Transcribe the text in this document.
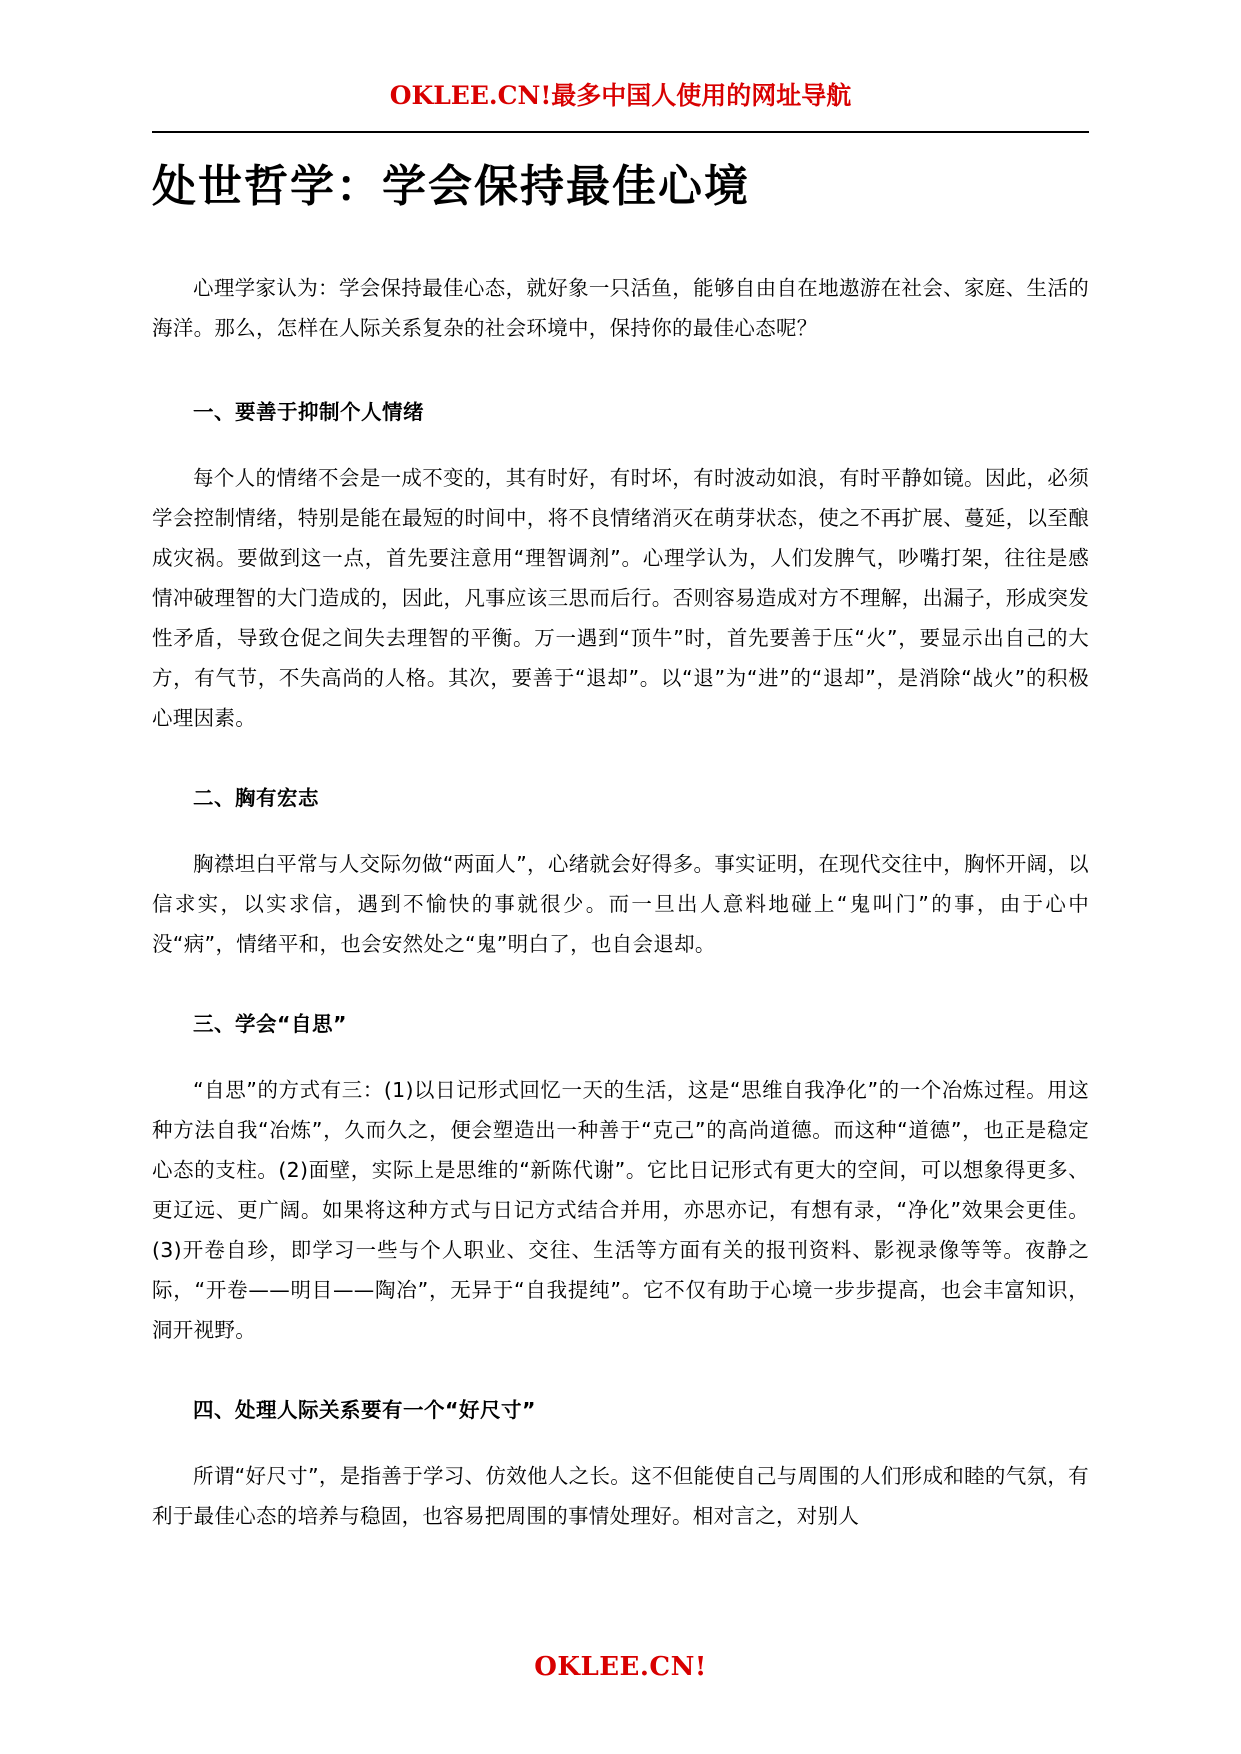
OKLEE.CN!最多中国人使用的网址导航
处世哲学：学会保持最佳心境

心理学家认为：学会保持最佳心态，就好象一只活鱼，能够自由自在地遨游在社会、家庭、生活的海洋。那么，怎样在人际关系复杂的社会环境中，保持你的最佳心态呢？

一、要善于抑制个人情绪

每个人的情绪不会是一成不变的，其有时好，有时坏，有时波动如浪，有时平静如镜。因此，必须学会控制情绪，特别是能在最短的时间中，将不良情绪消灭在萌芽状态，使之不再扩展、蔓延，以至酿成灾祸。要做到这一点，首先要注意用“理智调剂”。心理学认为，人们发脾气，吵嘴打架，往往是感情冲破理智的大门造成的，因此，凡事应该三思而后行。否则容易造成对方不理解，出漏子，形成突发性矛盾，导致仓促之间失去理智的平衡。万一遇到“顶牛”时，首先要善于压“火”，要显示出自己的大方，有气节，不失高尚的人格。其次，要善于“退却”。以“退”为“进”的“退却”，是消除“战火”的积极心理因素。

二、胸有宏志

胸襟坦白平常与人交际勿做“两面人”，心绪就会好得多。事实证明，在现代交往中，胸怀开阔，以信求实，以实求信，遇到不愉快的事就很少。而一旦出人意料地碰上“鬼叫门”的事，由于心中没“病”，情绪平和，也会安然处之“鬼”明白了，也自会退却。

三、学会“自思”

“自思”的方式有三：(1)以日记形式回忆一天的生活，这是“思维自我净化”的一个冶炼过程。用这种方法自我“冶炼”，久而久之，便会塑造出一种善于“克己”的高尚道德。而这种“道德”，也正是稳定心态的支柱。(2)面壁，实际上是思维的“新陈代谢”。它比日记形式有更大的空间，可以想象得更多、更辽远、更广阔。如果将这种方式与日记方式结合并用，亦思亦记，有想有录，“净化”效果会更佳。(3)开卷自珍，即学习一些与个人职业、交往、生活等方面有关的报刊资料、影视录像等等。夜静之际，“开卷——明目——陶冶”，无异于“自我提纯”。它不仅有助于心境一步步提高，也会丰富知识，洞开视野。

四、处理人际关系要有一个“好尺寸”

所谓“好尺寸”，是指善于学习、仿效他人之长。这不但能使自己与周围的人们形成和睦的气氛，有利于最佳心态的培养与稳固，也容易把周围的事情处理好。相对言之，对别人

OKLEE.CN!
